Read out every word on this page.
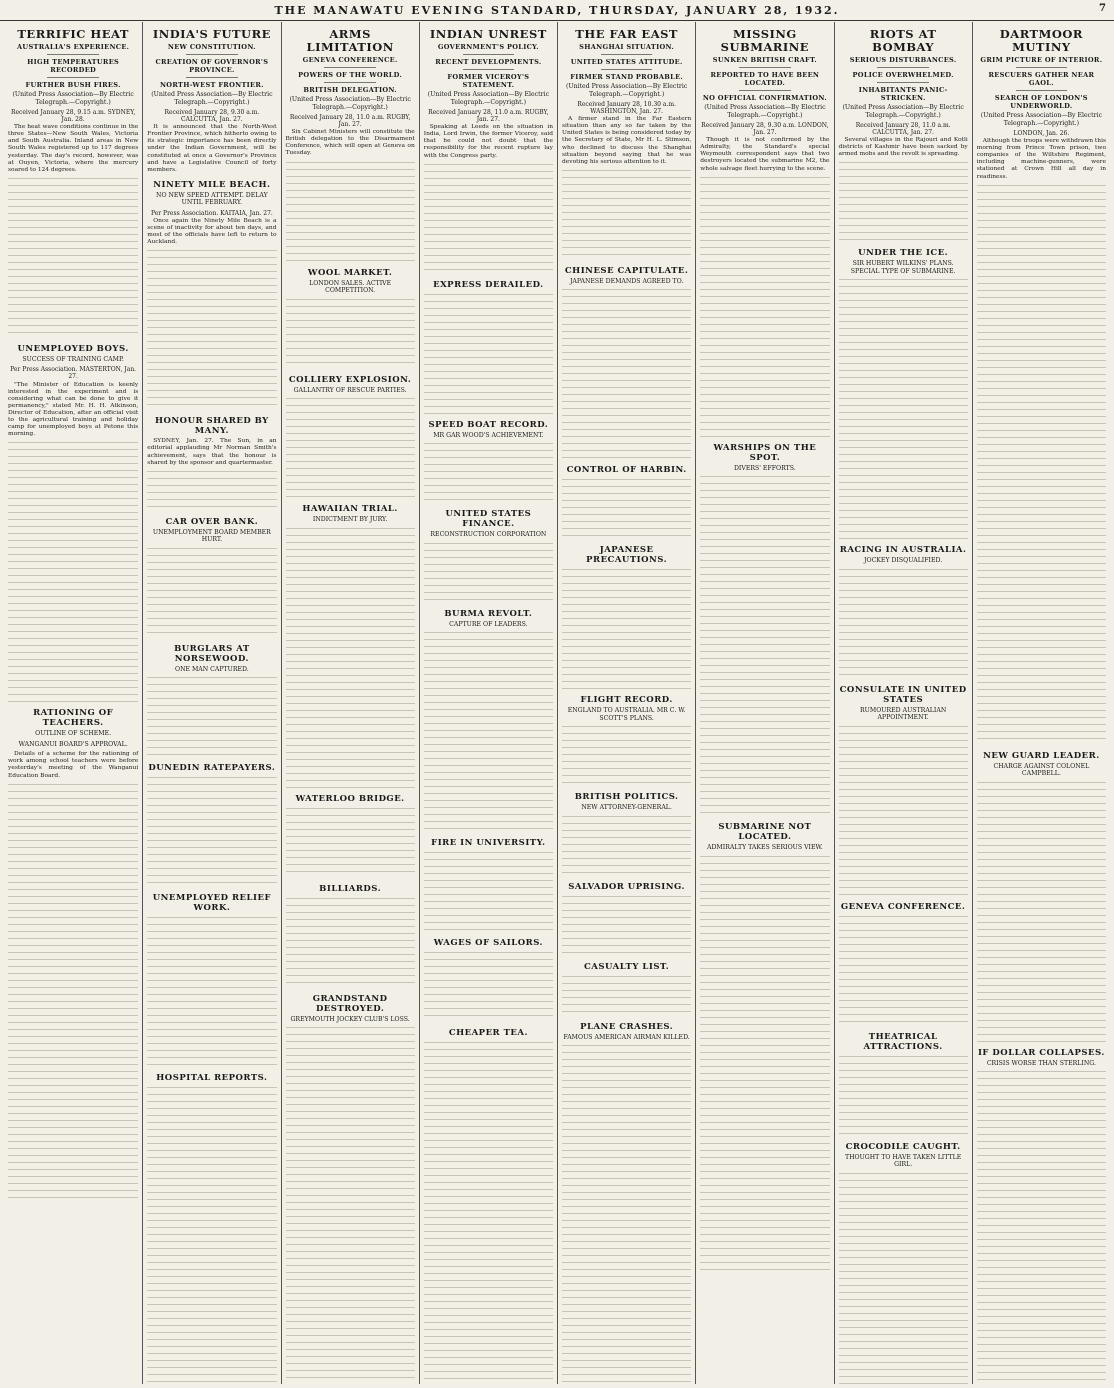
THE MANAWATU EVENING STANDARD, THURSDAY, JANUARY 28, 1932.	7
TERRIFIC HEAT
AUSTRALIA'S EXPERIENCE.
HIGH TEMPERATURES RECORDED
FURTHER BUSH FIRES.
(United Press Association—By Electric Telegraph.—Copyright.)
Received January 28, 9.15 a.m. SYDNEY, Jan. 28.

The heat wave conditions continue in the three States—New South Wales, Victoria and South Australia. Inland areas in New South Wales registered up to 117 degrees yesterday. The day's record, however, was at Ouyen, Victoria, where the mercury soared to 124 degrees.

UNEMPLOYED BOYS.
SUCCESS OF TRAINING CAMP.
Per Press Association. MASTERTON, Jan. 27.

"The Minister of Education is keenly interested in the experiment and is considering what can be done to give it permanency," stated Mr. H. H. Atkinson, Director of Education, after an official visit to the agricultural training and holiday camp for unemployed boys at Petone this morning.

RATIONING OF TEACHERS.
OUTLINE OF SCHEME.
WANGANUI BOARD'S APPROVAL.

Details of a scheme for the rationing of work among school teachers were before yesterday's meeting of the Wanganui Education Board.

INDIA'S FUTURE
NEW CONSTITUTION.
CREATION OF GOVERNOR'S PROVINCE.
NORTH-WEST FRONTIER.
(United Press Association—By Electric Telegraph.—Copyright.)
Received January 28, 9.30 a.m. CALCUTTA, Jan. 27.

It is announced that the North-West Frontier Province, which hitherto owing to its strategic importance has been directly under the Indian Government, will be constituted at once a Governor's Province and have a Legislative Council of forty members.

NINETY MILE BEACH.
NO NEW SPEED ATTEMPT. DELAY UNTIL FEBRUARY.
Per Press Association. KAITAIA, Jan. 27.

Once again the Ninety Mile Beach is a scene of inactivity for about ten days, and most of the officials have left to return to Auckland.

HONOUR SHARED BY MANY.

SYDNEY, Jan. 27. The Sun, in an editorial applauding Mr Norman Smith's achievement, says that the honour is shared by the sponsor and quartermaster.

CAR OVER BANK.
UNEMPLOYMENT BOARD MEMBER HURT.
BURGLARS AT NORSEWOOD.
ONE MAN CAPTURED.
DUNEDIN RATEPAYERS.
UNEMPLOYED RELIEF WORK.
HOSPITAL REPORTS.
ARMS LIMITATION
GENEVA CONFERENCE.
POWERS OF THE WORLD.
BRITISH DELEGATION.
(United Press Association—By Electric Telegraph.—Copyright.)
Received January 28, 11.0 a.m. RUGBY, Jan. 27.

Six Cabinet Ministers will constitute the British delegation to the Disarmament Conference, which will open at Geneva on Tuesday.

WOOL MARKET.
LONDON SALES. ACTIVE COMPETITION.
COLLIERY EXPLOSION.
GALLANTRY OF RESCUE PARTIES.
HAWAIIAN TRIAL.
INDICTMENT BY JURY.
WATERLOO BRIDGE.
BILLIARDS.
GRANDSTAND DESTROYED.
GREYMOUTH JOCKEY CLUB'S LOSS.
INDIAN UNREST
GOVERNMENT'S POLICY.
RECENT DEVELOPMENTS.
FORMER VICEROY'S STATEMENT.
(United Press Association—By Electric Telegraph.—Copyright.)
Received January 28, 11.0 a.m. RUGBY, Jan. 27.

Speaking at Leeds on the situation in India, Lord Irwin, the former Viceroy, said that he could not doubt that the responsibility for the recent rupture lay with the Congress party.

EXPRESS DERAILED.
SPEED BOAT RECORD.
MR GAR WOOD'S ACHIEVEMENT.
UNITED STATES FINANCE.
RECONSTRUCTION CORPORATION
BURMA REVOLT.
CAPTURE OF LEADERS.
FIRE IN UNIVERSITY.
WAGES OF SAILORS.
CHEAPER TEA.
THE FAR EAST
SHANGHAI SITUATION.
UNITED STATES ATTITUDE.
FIRMER STAND PROBABLE.
(United Press Association—By Electric Telegraph.—Copyright.)
Received January 28, 10.30 a.m. WASHINGTON, Jan. 27.

A firmer stand in the Far Eastern situation than any so far taken by the United States is being considered today by the Secretary of State, Mr H. L. Stimson, who declined to discuss the Shanghai situation beyond saying that he was devoting his serious attention to it.

CHINESE CAPITULATE.
JAPANESE DEMANDS AGREED TO.
CONTROL OF HARBIN.
JAPANESE PRECAUTIONS.
FLIGHT RECORD.
ENGLAND TO AUSTRALIA. MR C. W. SCOTT'S PLANS.
BRITISH POLITICS.
NEW ATTORNEY-GENERAL.
SALVADOR UPRISING.
CASUALTY LIST.
PLANE CRASHES.
FAMOUS AMERICAN AIRMAN KILLED.
MISSING SUBMARINE
SUNKEN BRITISH CRAFT.
REPORTED TO HAVE BEEN LOCATED.
NO OFFICIAL CONFIRMATION.
(United Press Association—By Electric Telegraph.—Copyright.)
Received January 28, 9.30 a.m. LONDON, Jan. 27.

Though it is not confirmed by the Admiralty, the Standard's special Weymouth correspondent says that two destroyers located the submarine M2, the whole salvage fleet hurrying to the scene.

WARSHIPS ON THE SPOT.
DIVERS' EFFORTS.
SUBMARINE NOT LOCATED.
ADMIRALTY TAKES SERIOUS VIEW.
RIOTS AT BOMBAY
SERIOUS DISTURBANCES.
POLICE OVERWHELMED.
INHABITANTS PANIC-STRICKEN.
(United Press Association—By Electric Telegraph.—Copyright.)
Received January 28, 11.0 a.m. CALCUTTA, Jan. 27.

Several villages in the Rajouri and Kotli districts of Kashmir have been sacked by armed mobs and the revolt is spreading.

UNDER THE ICE.
SIR HUBERT WILKINS' PLANS. SPECIAL TYPE OF SUBMARINE.
RACING IN AUSTRALIA.
JOCKEY DISQUALIFIED.
CONSULATE IN UNITED STATES
RUMOURED AUSTRALIAN APPOINTMENT.
GENEVA CONFERENCE.
THEATRICAL ATTRACTIONS.
CROCODILE CAUGHT.
THOUGHT TO HAVE TAKEN LITTLE GIRL.
DARTMOOR MUTINY
GRIM PICTURE OF INTERIOR.
RESCUERS GATHER NEAR GAOL.
SEARCH OF LONDON'S UNDERWORLD.
(United Press Association—By Electric Telegraph.—Copyright.)
LONDON, Jan. 26.

Although the troops were withdrawn this morning from Prince Town prison, two companies of the Wiltshire Regiment, including machine-gunners, were stationed at Crown Hill all day in readiness.

NEW GUARD LEADER.
CHARGE AGAINST COLONEL CAMPBELL.
IF DOLLAR COLLAPSES.
CRISIS WORSE THAN STERLING.
